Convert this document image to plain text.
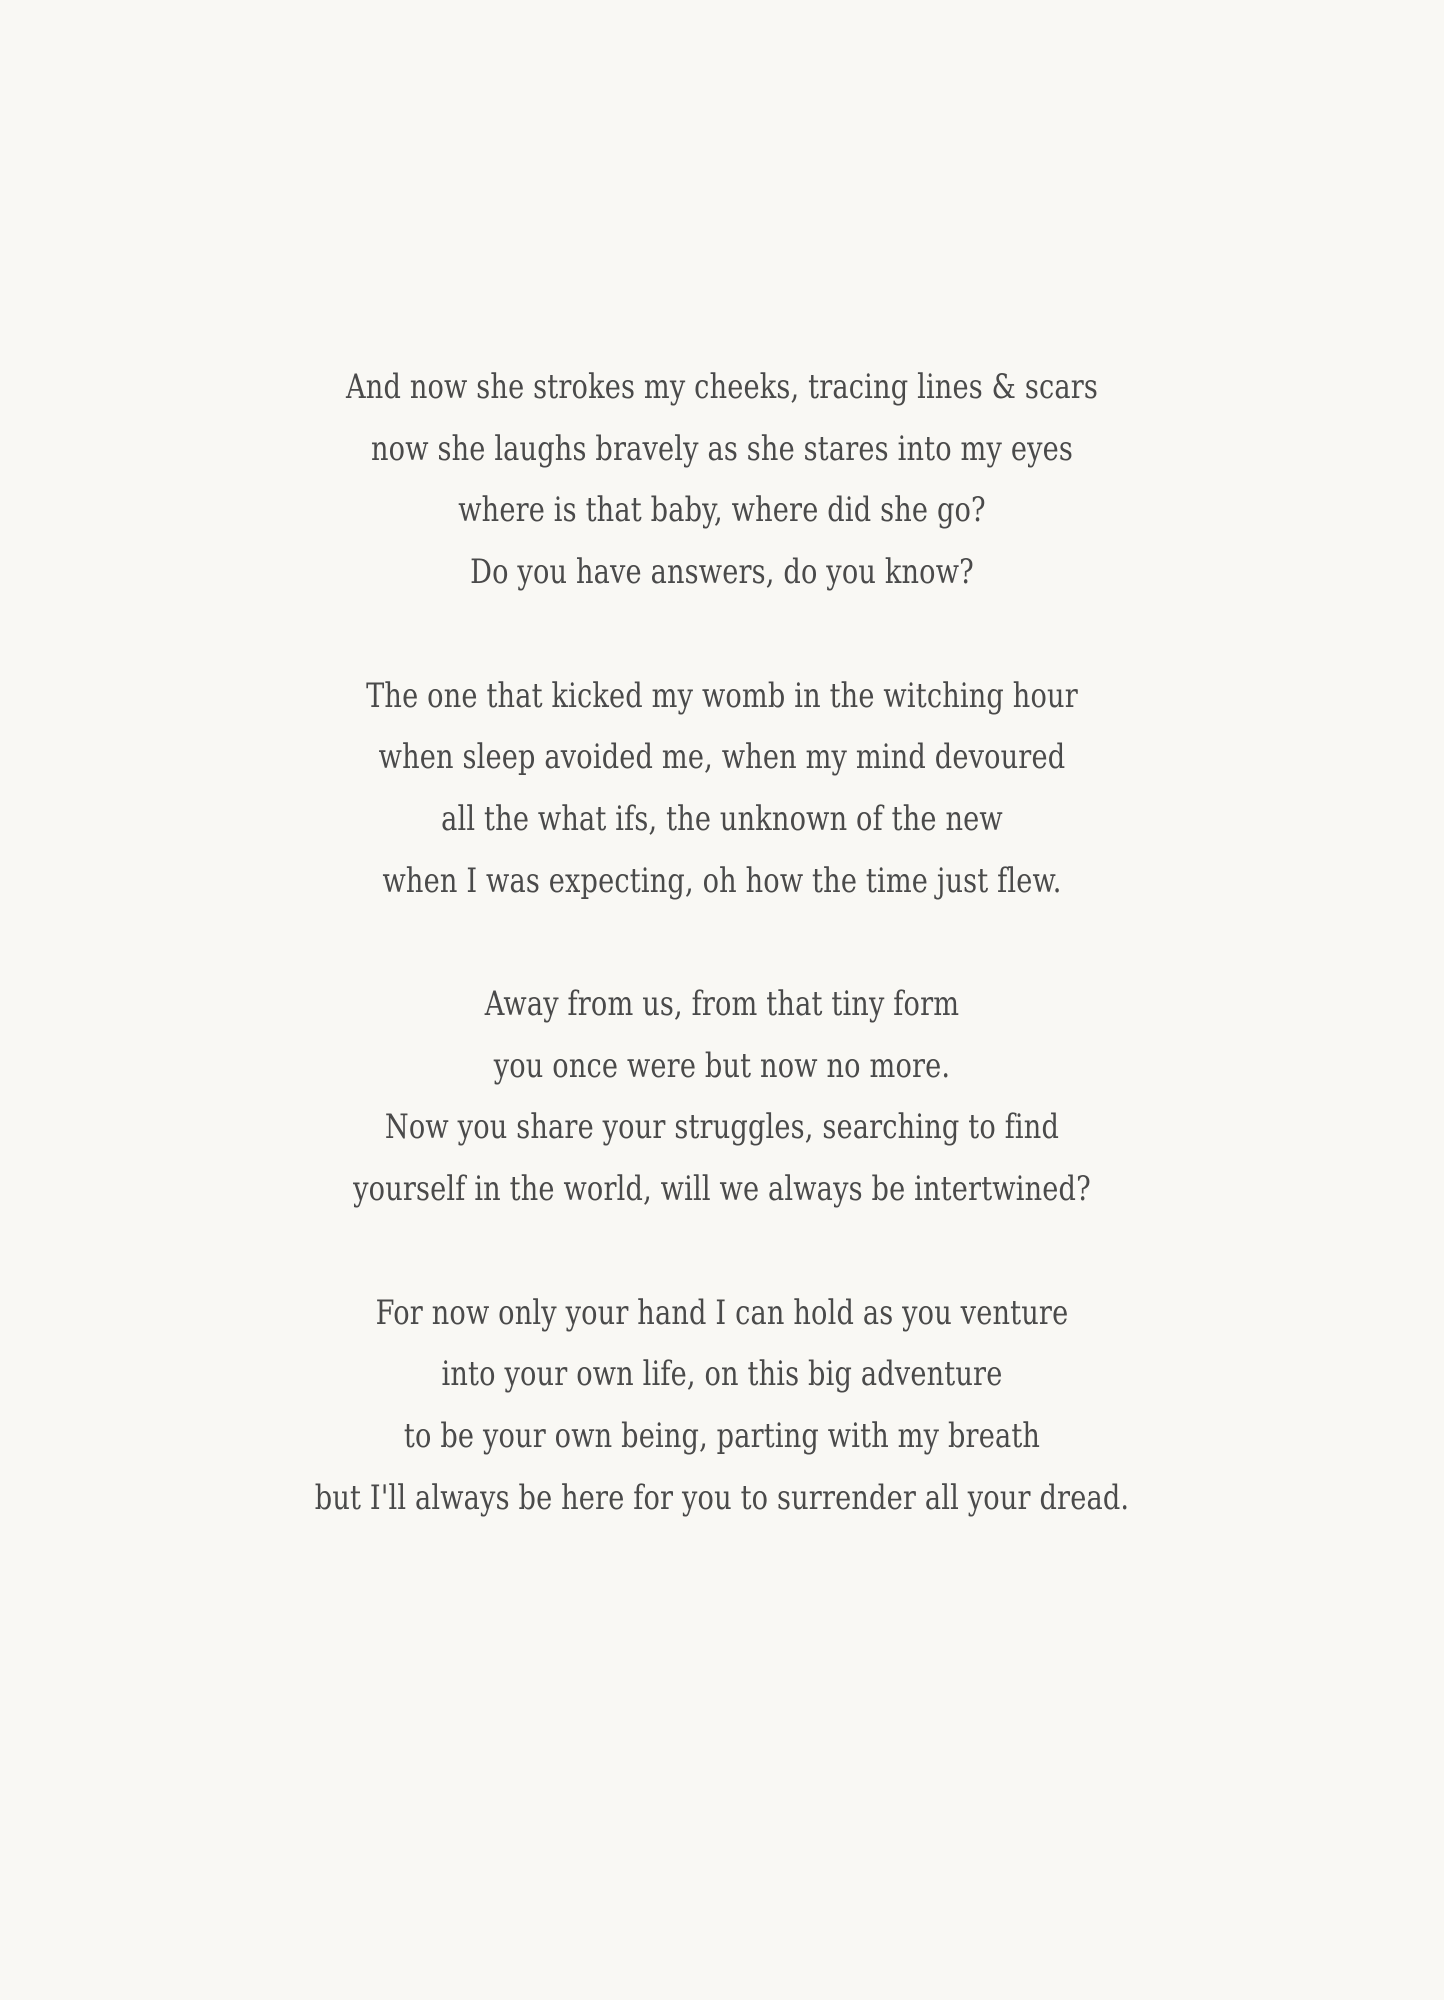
And now she strokes my cheeks, tracing lines & scars
now she laughs bravely as she stares into my eyes
where is that baby, where did she go?
Do you have answers, do you know?
The one that kicked my womb in the witching hour
when sleep avoided me, when my mind devoured
all the what ifs, the unknown of the new
when I was expecting, oh how the time just flew.
Away from us, from that tiny form
you once were but now no more.
Now you share your struggles, searching to find
yourself in the world, will we always be intertwined?
For now only your hand I can hold as you venture
into your own life, on this big adventure
to be your own being, parting with my breath
but I'll always be here for you to surrender all your dread.
